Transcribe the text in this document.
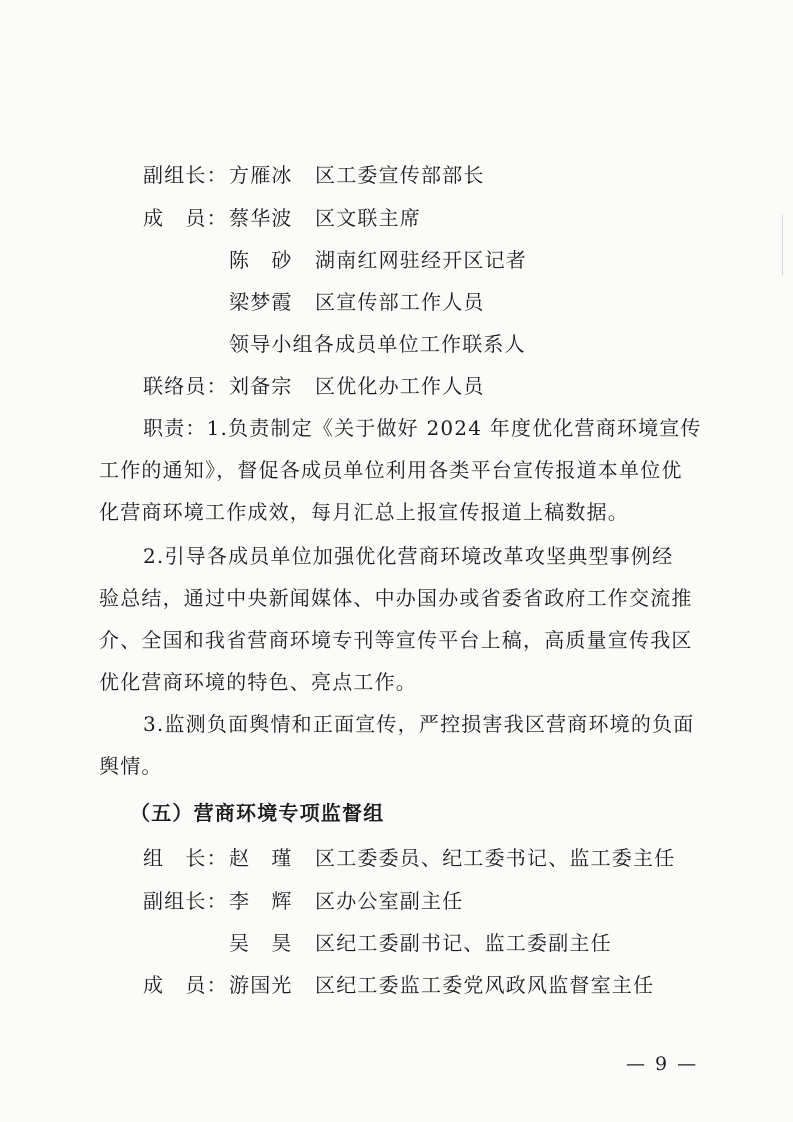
副组长：方雁冰 区工委宣传部部长
成　员：蔡华波 区文联主席
陈　砂 湖南红网驻经开区记者
梁梦霞 区宣传部工作人员
领导小组各成员单位工作联系人
联络员：刘备宗 区优化办工作人员
职责：1.负责制定《关于做好 2024 年度优化营商环境宣传
工作的通知》，督促各成员单位利用各类平台宣传报道本单位优
化营商环境工作成效，每月汇总上报宣传报道上稿数据。
2.引导各成员单位加强优化营商环境改革攻坚典型事例经
验总结，通过中央新闻媒体、中办国办或省委省政府工作交流推
介、全国和我省营商环境专刊等宣传平台上稿，高质量宣传我区
优化营商环境的特色、亮点工作。
3.监测负面舆情和正面宣传，严控损害我区营商环境的负面
舆情。
（五）营商环境专项监督组
组　长：赵　瑾 区工委委员、纪工委书记、监工委主任
副组长：李　辉 区办公室副主任
吴　昊 区纪工委副书记、监工委副主任
成　员：游国光 区纪工委监工委党风政风监督室主任
— 9 —
